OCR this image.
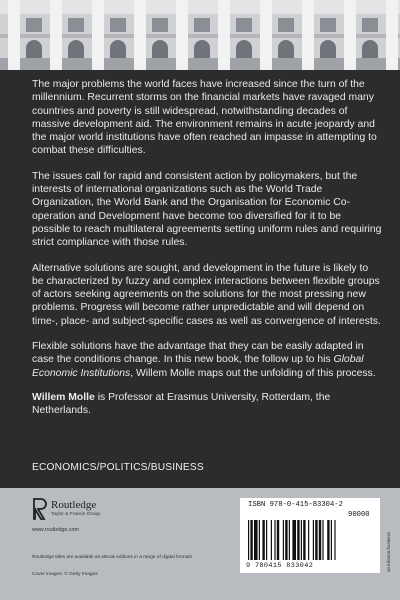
The major problems the world faces have increased since the turn of the millennium. Recurrent storms on the financial markets have ravaged many countries and poverty is still widespread, notwithstanding decades of massive development aid. The environment remains in acute jeopardy and the major world institutions have often reached an impasse in attempting to combat these difficulties.

The issues call for rapid and consistent action by policymakers, but the interests of international organizations such as the World Trade Organization, the World Bank and the Organisation for Economic Co-operation and Development have become too diversified for it to be possible to reach multilateral agreements setting uniform rules and requiring strict compliance with those rules.

Alternative solutions are sought, and development in the future is likely to be characterized by fuzzy and complex interactions between flexible groups of actors seeking agreements on the solutions for the most pressing new problems. Progress will become rather unpredictable and will depend on time-, place- and subject-specific cases as well as convergence of interests.

Flexible solutions have the advantage that they can be easily adapted in case the conditions change. In this new book, the follow up to his Global Economic Institutions, Willem Molle maps out the unfolding of this process.

Willem Molle is Professor at Erasmus University, Rotterdam, the Netherlands.

ECONOMICS/POLITICS/BUSINESS
Routledge
Taylor & Francis Group
www.routledge.com
Routledge titles are available as eBook editions in a range of digital formats
Cover images: © Getty Images
ISBN 978-0-415-83304-2
90000
9 780415 833042	an informa business
